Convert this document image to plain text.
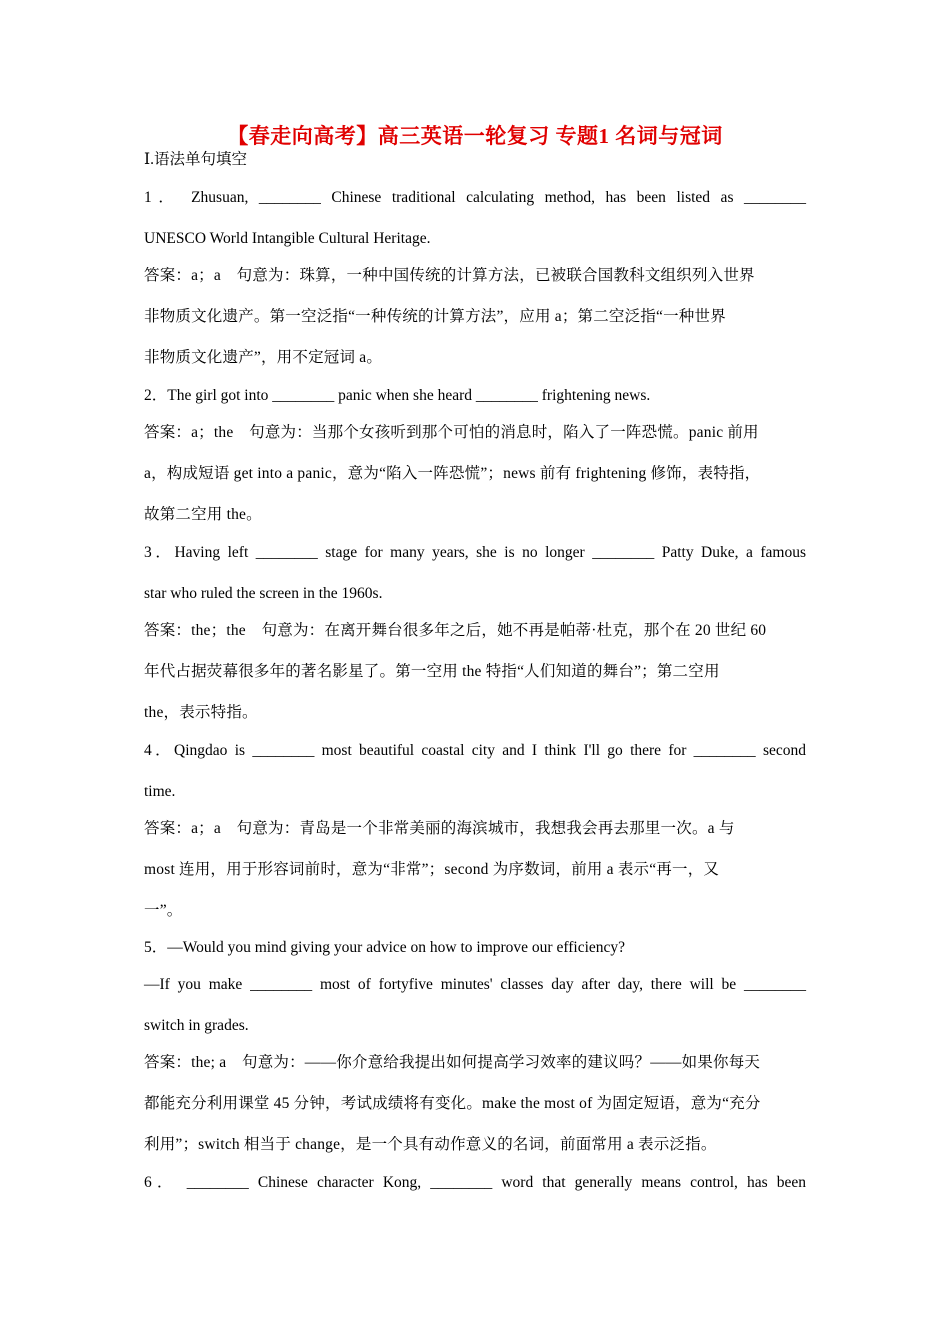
【春走向高考】高三英语一轮复习 专题1 名词与冠词
Ⅰ.语法单句填空
1． Zhusuan, ________ Chinese traditional calculating method, has been listed as ________
UNESCO World Intangible Cultural Heritage.
答案：a；a　句意为：珠算，一种中国传统的计算方法，已被联合国教科文组织列入世界
非物质文化遗产。第一空泛指“一种传统的计算方法”，应用 a；第二空泛指“一种世界
非物质文化遗产”，用不定冠词 a。
2．The girl got into ________ panic when she heard ________ frightening news.
答案：a；the　句意为：当那个女孩听到那个可怕的消息时，陷入了一阵恐慌。panic 前用
a，构成短语 get into a panic，意为“陷入一阵恐慌”；news 前有 frightening 修饰，表特指，
故第二空用 the。
3．Having left ________ stage for many years, she is no longer ________ Patty Duke, a famous
star who ruled the screen in the 1960s.
答案：the；the　句意为：在离开舞台很多年之后，她不再是帕蒂·杜克，那个在 20 世纪 60
年代占据荧幕很多年的著名影星了。第一空用 the 特指“人们知道的舞台”；第二空用
the，表示特指。
4．Qingdao is ________ most beautiful coastal city and I think I'll go there for ________ second
time.
答案：a；a　句意为：青岛是一个非常美丽的海滨城市，我想我会再去那里一次。a 与
most 连用，用于形容词前时，意为“非常”；second 为序数词，前用 a 表示“再一，又
一”。
5．—Would you mind giving your advice on how to improve our efficiency?
—If you make ________ most of fortyfive minutes' classes day after day, there will be ________
switch in grades.
答案：the; a　句意为：——你介意给我提出如何提高学习效率的建议吗？——如果你每天
都能充分利用课堂 45 分钟，考试成绩将有变化。make the most of 为固定短语，意为“充分
利用”；switch 相当于 change，是一个具有动作意义的名词，前面常用 a 表示泛指。
6． ________ Chinese character Kong, ________ word that generally means control, has been
